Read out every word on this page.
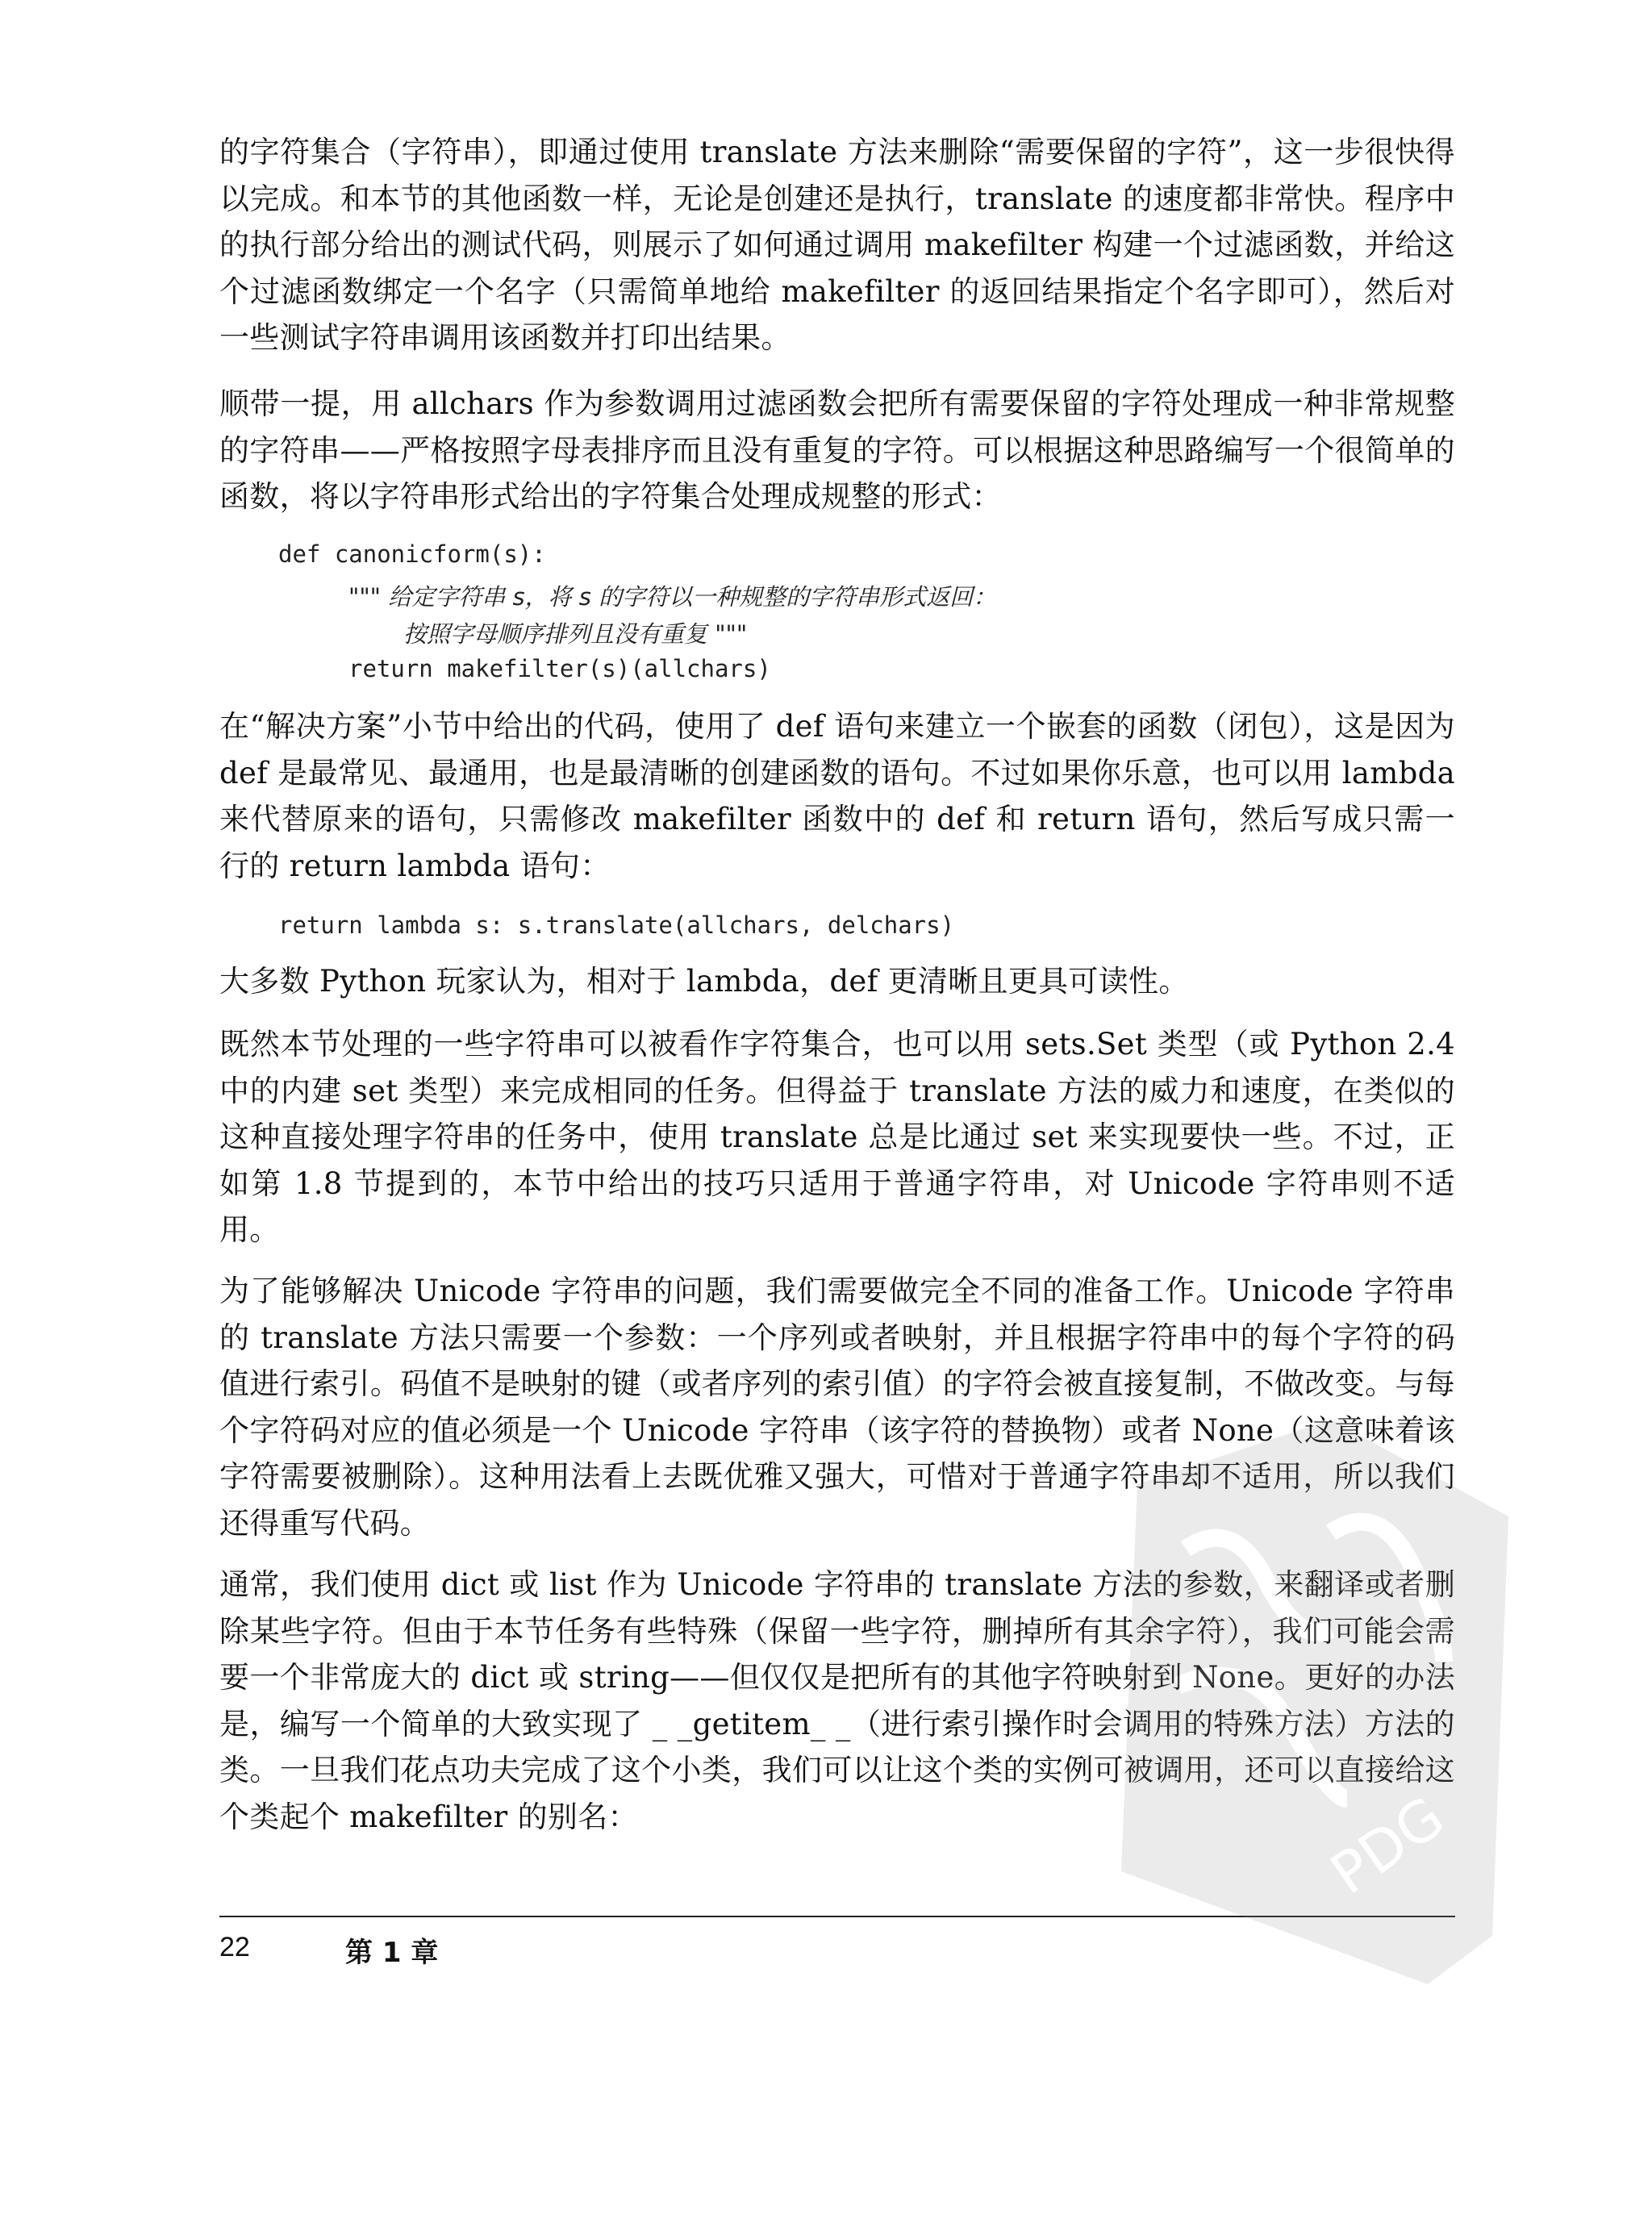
的字符集合（字符串），即通过使用 translate 方法来删除“需要保留的字符”，这一步很快得以完成。和本节的其他函数一样，无论是创建还是执行，translate 的速度都非常快。程序中的执行部分给出的测试代码，则展示了如何通过调用 makefilter 构建一个过滤函数，并给这个过滤函数绑定一个名字（只需简单地给 makefilter 的返回结果指定个名字即可），然后对一些测试字符串调用该函数并打印出结果。

顺带一提，用 allchars 作为参数调用过滤函数会把所有需要保留的字符处理成一种非常规整的字符串——严格按照字母表排序而且没有重复的字符。可以根据这种思路编写一个很简单的函数，将以字符串形式给出的字符集合处理成规整的形式：

def canonicform(s):
""" 给定字符串 s，将 s 的字符以一种规整的字符串形式返回：
按照字母顺序排列且没有重复 """
return makefilter(s)(allchars)

在“解决方案”小节中给出的代码，使用了 def 语句来建立一个嵌套的函数（闭包），这是因为 def 是最常见、最通用，也是最清晰的创建函数的语句。不过如果你乐意，也可以用 lambda 来代替原来的语句，只需修改 makefilter 函数中的 def 和 return 语句，然后写成只需一行的 return lambda 语句：

return lambda s: s.translate(allchars, delchars)

大多数 Python 玩家认为，相对于 lambda，def 更清晰且更具可读性。

既然本节处理的一些字符串可以被看作字符集合，也可以用 sets.Set 类型（或 Python 2.4 中的内建 set 类型）来完成相同的任务。但得益于 translate 方法的威力和速度，在类似的这种直接处理字符串的任务中，使用 translate 总是比通过 set 来实现要快一些。不过，正如第 1.8 节提到的，本节中给出的技巧只适用于普通字符串，对 Unicode 字符串则不适用。

为了能够解决 Unicode 字符串的问题，我们需要做完全不同的准备工作。Unicode 字符串的 translate 方法只需要一个参数：一个序列或者映射，并且根据字符串中的每个字符的码值进行索引。码值不是映射的键（或者序列的索引值）的字符会被直接复制，不做改变。与每个字符码对应的值必须是一个 Unicode 字符串（该字符的替换物）或者 None（这意味着该字符需要被删除）。这种用法看上去既优雅又强大，可惜对于普通字符串却不适用，所以我们还得重写代码。

通常，我们使用 dict 或 list 作为 Unicode 字符串的 translate 方法的参数，来翻译或者删除某些字符。但由于本节任务有些特殊（保留一些字符，删掉所有其余字符），我们可能会需要一个非常庞大的 dict 或 string——但仅仅是把所有的其他字符映射到 None。更好的办法是，编写一个简单的大致实现了 _ _getitem_ _（进行索引操作时会调用的特殊方法）方法的类。一旦我们花点功夫完成了这个小类，我们可以让这个类的实例可被调用，还可以直接给这个类起个 makefilter 的别名：

22	第 1 章
PDG
